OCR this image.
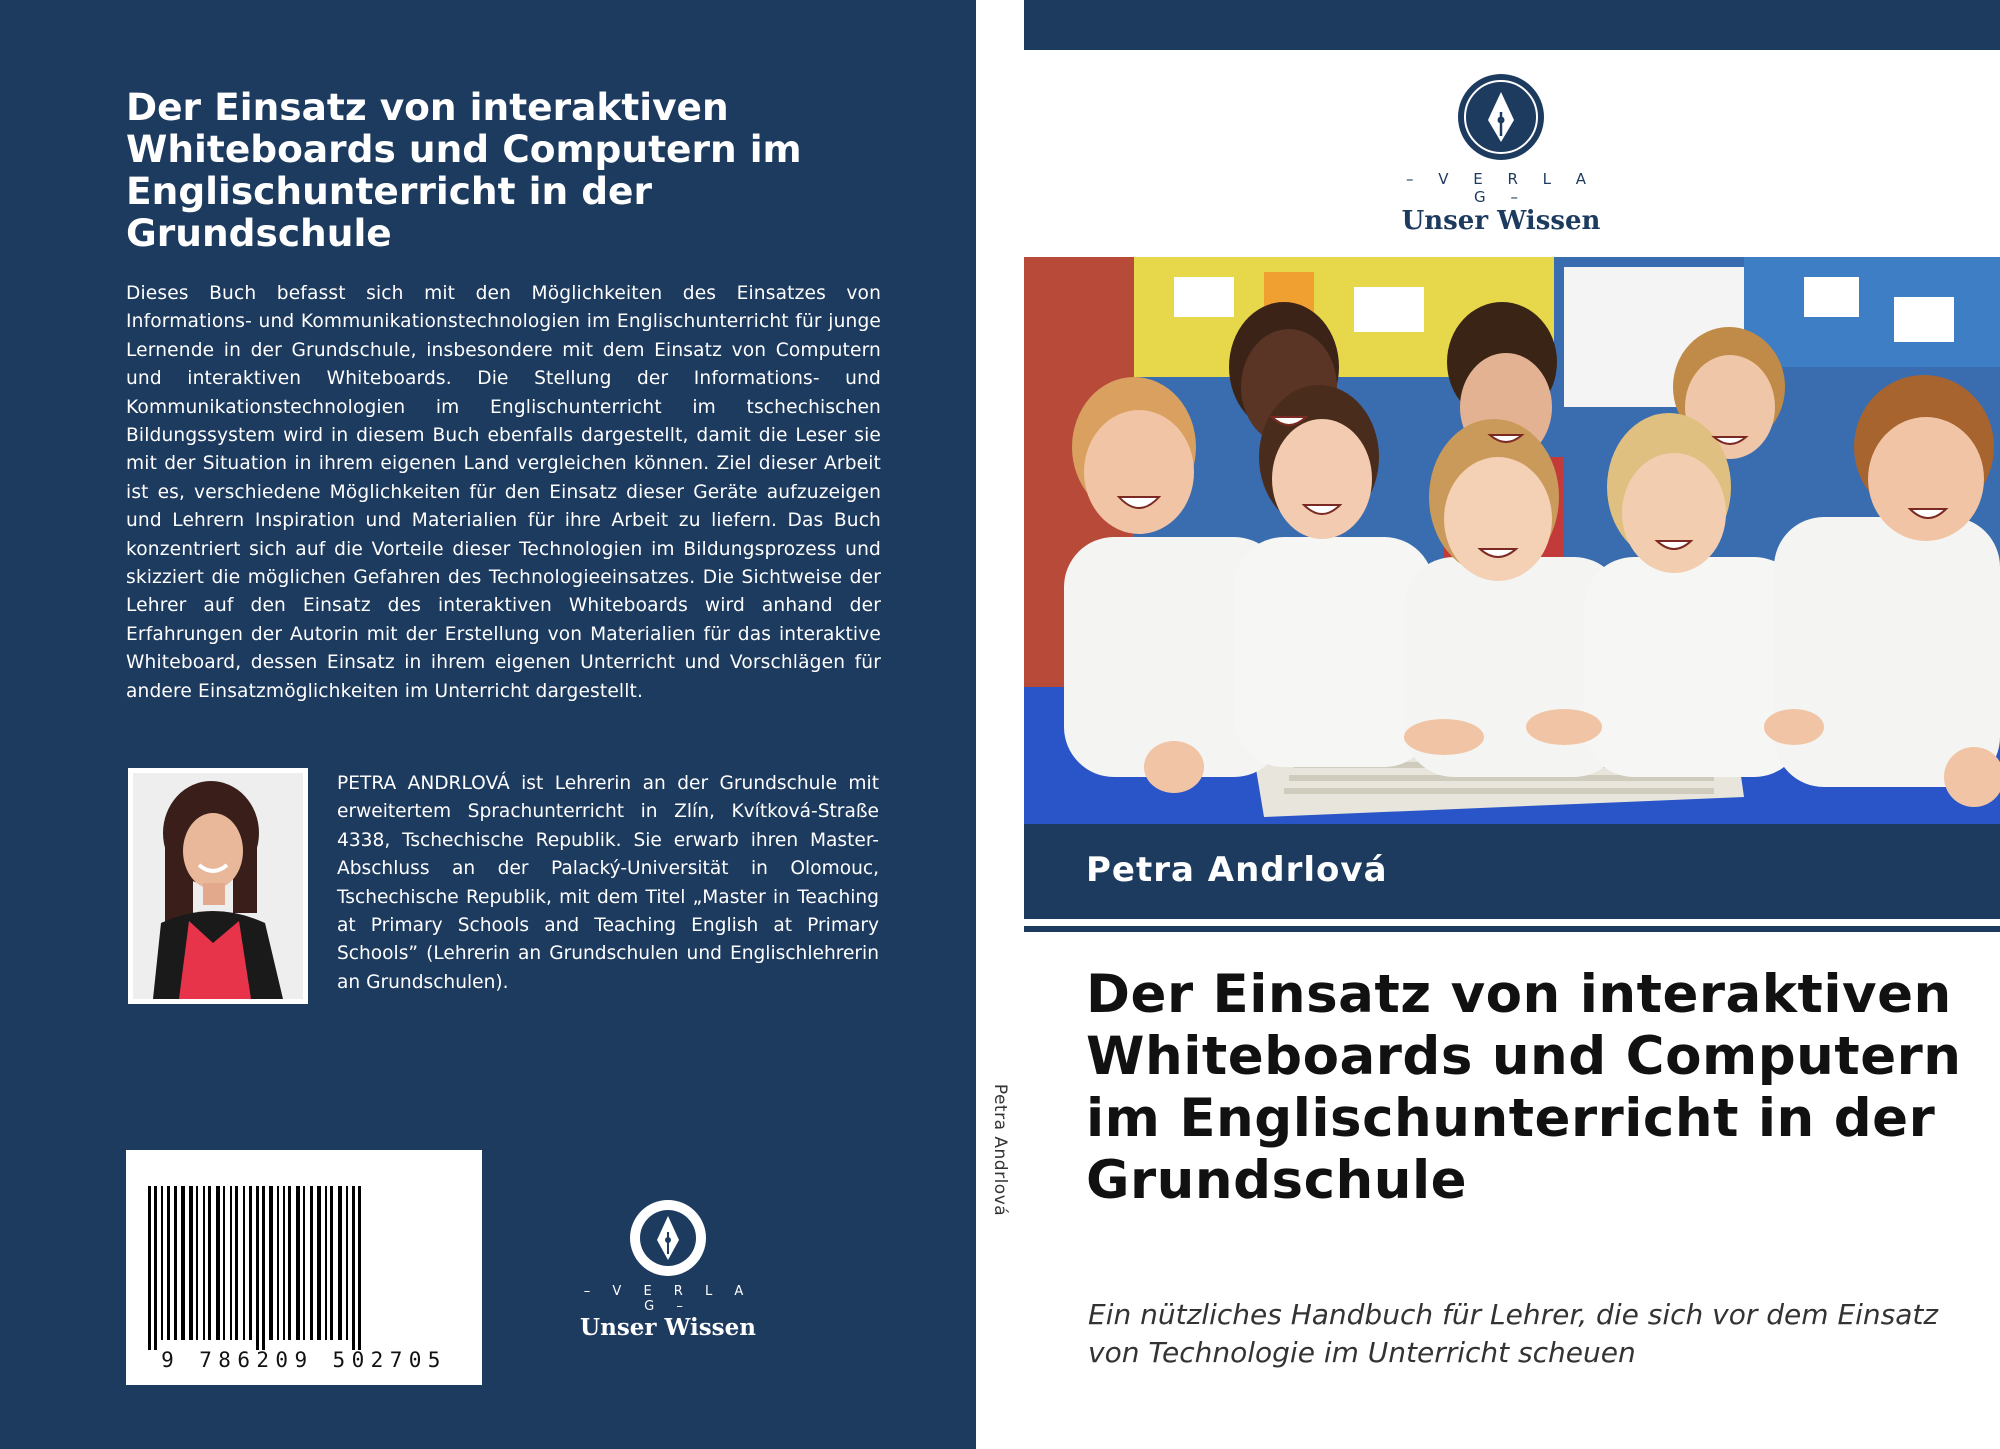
Der Einsatz von interaktiven Whiteboards und Computern im Englischunterricht in der Grundschule

Dieses Buch befasst sich mit den Möglichkeiten des Einsatzes von Informations- und Kommunikationstechnologien im Englischunterricht für junge Lernende in der Grundschule, insbesondere mit dem Einsatz von Computern und interaktiven Whiteboards. Die Stellung der Informations- und Kommunikationstechnologien im Englischunterricht im tschechischen Bildungssystem wird in diesem Buch ebenfalls dargestellt, damit die Leser sie mit der Situation in ihrem eigenen Land vergleichen können. Ziel dieser Arbeit ist es, verschiedene Möglichkeiten für den Einsatz dieser Geräte aufzuzeigen und Lehrern Inspiration und Materialien für ihre Arbeit zu liefern. Das Buch konzentriert sich auf die Vorteile dieser Technologien im Bildungsprozess und skizziert die möglichen Gefahren des Technologieeinsatzes. Die Sichtweise der Lehrer auf den Einsatz des interaktiven Whiteboards wird anhand der Erfahrungen der Autorin mit der Erstellung von Materialien für das interaktive Whiteboard, dessen Einsatz in ihrem eigenen Unterricht und Vorschlägen für andere Einsatzmöglichkeiten im Unterricht dargestellt.

PETRA ANDRLOVÁ ist Lehrerin an der Grundschule mit erweitertem Sprachunterricht in Zlín, Kvítková-Straße 4338, Tschechische Republik. Sie erwarb ihren Master-Abschluss an der Palacký-Universität in Olomouc, Tschechische Republik, mit dem Titel „Master in Teaching at Primary Schools and Teaching English at Primary Schools” (Lehrerin an Grundschulen und Englischlehrerin an Grundschulen).

9 786209 502705
– V E R L A G –
Unser Wissen
Petra Andrlová
– V E R L A G –
Unser Wissen
Petra Andrlová
Der Einsatz von interaktiven Whiteboards und Computern im Englischunterricht in der Grundschule

Ein nützliches Handbuch für Lehrer, die sich vor dem Einsatz von Technologie im Unterricht scheuen
